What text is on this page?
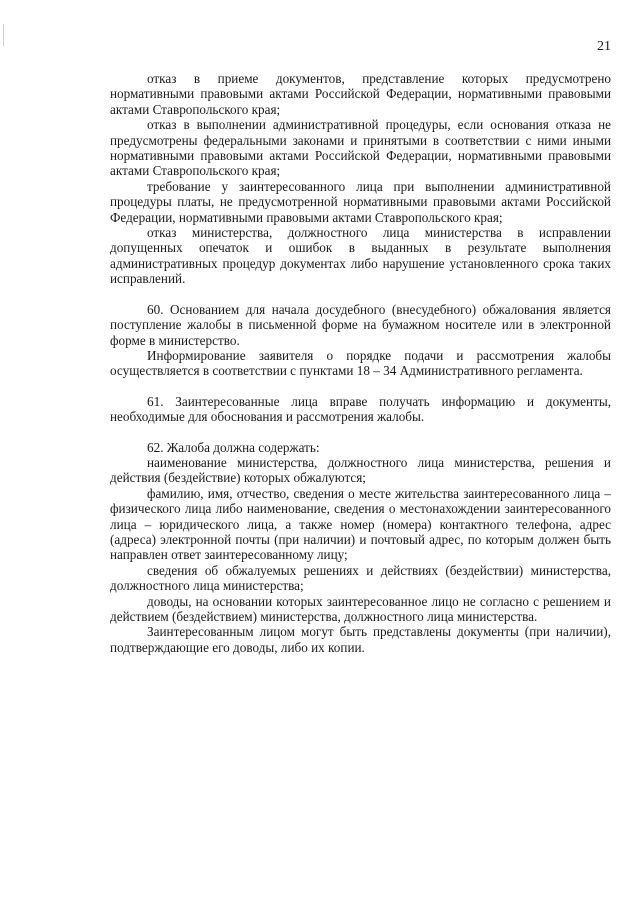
21

отказ в приеме документов, представление которых предусмотрено нормативными правовыми актами Российской Федерации, нормативными правовыми актами Ставропольского края;

отказ в выполнении административной процедуры, если основания отказа не предусмотрены федеральными законами и принятыми в соответствии с ними иными нормативными правовыми актами Российской Федерации, нормативными правовыми актами Ставропольского края;

требование у заинтересованного лица при выполнении административной процедуры платы, не предусмотренной нормативными правовыми актами Российской Федерации, нормативными правовыми актами Ставропольского края;

отказ министерства, должностного лица министерства в исправлении допущенных опечаток и ошибок в выданных в результате выполнения административных процедур документах либо нарушение установленного срока таких исправлений.

60. Основанием для начала досудебного (внесудебного) обжалования является поступление жалобы в письменной форме на бумажном носителе или в электронной форме в министерство.

Информирование заявителя о порядке подачи и рассмотрения жалобы осуществляется в соответствии с пунктами 18 – 34 Административного регламента.

61. Заинтересованные лица вправе получать информацию и документы, необходимые для обоснования и рассмотрения жалобы.

62. Жалоба должна содержать:

наименование министерства, должностного лица министерства, решения и действия (бездействие) которых обжалуются;

фамилию, имя, отчество, сведения о месте жительства заинтересованного лица – физического лица либо наименование, сведения о местонахождении заинтересованного лица – юридического лица, а также номер (номера) контактного телефона, адрес (адреса) электронной почты (при наличии) и почтовый адрес, по которым должен быть направлен ответ заинтересованному лицу;

сведения об обжалуемых решениях и действиях (бездействии) министерства, должностного лица министерства;

доводы, на основании которых заинтересованное лицо не согласно с решением и действием (бездействием) министерства, должностного лица министерства.

Заинтересованным лицом могут быть представлены документы (при наличии), подтверждающие его доводы, либо их копии.
